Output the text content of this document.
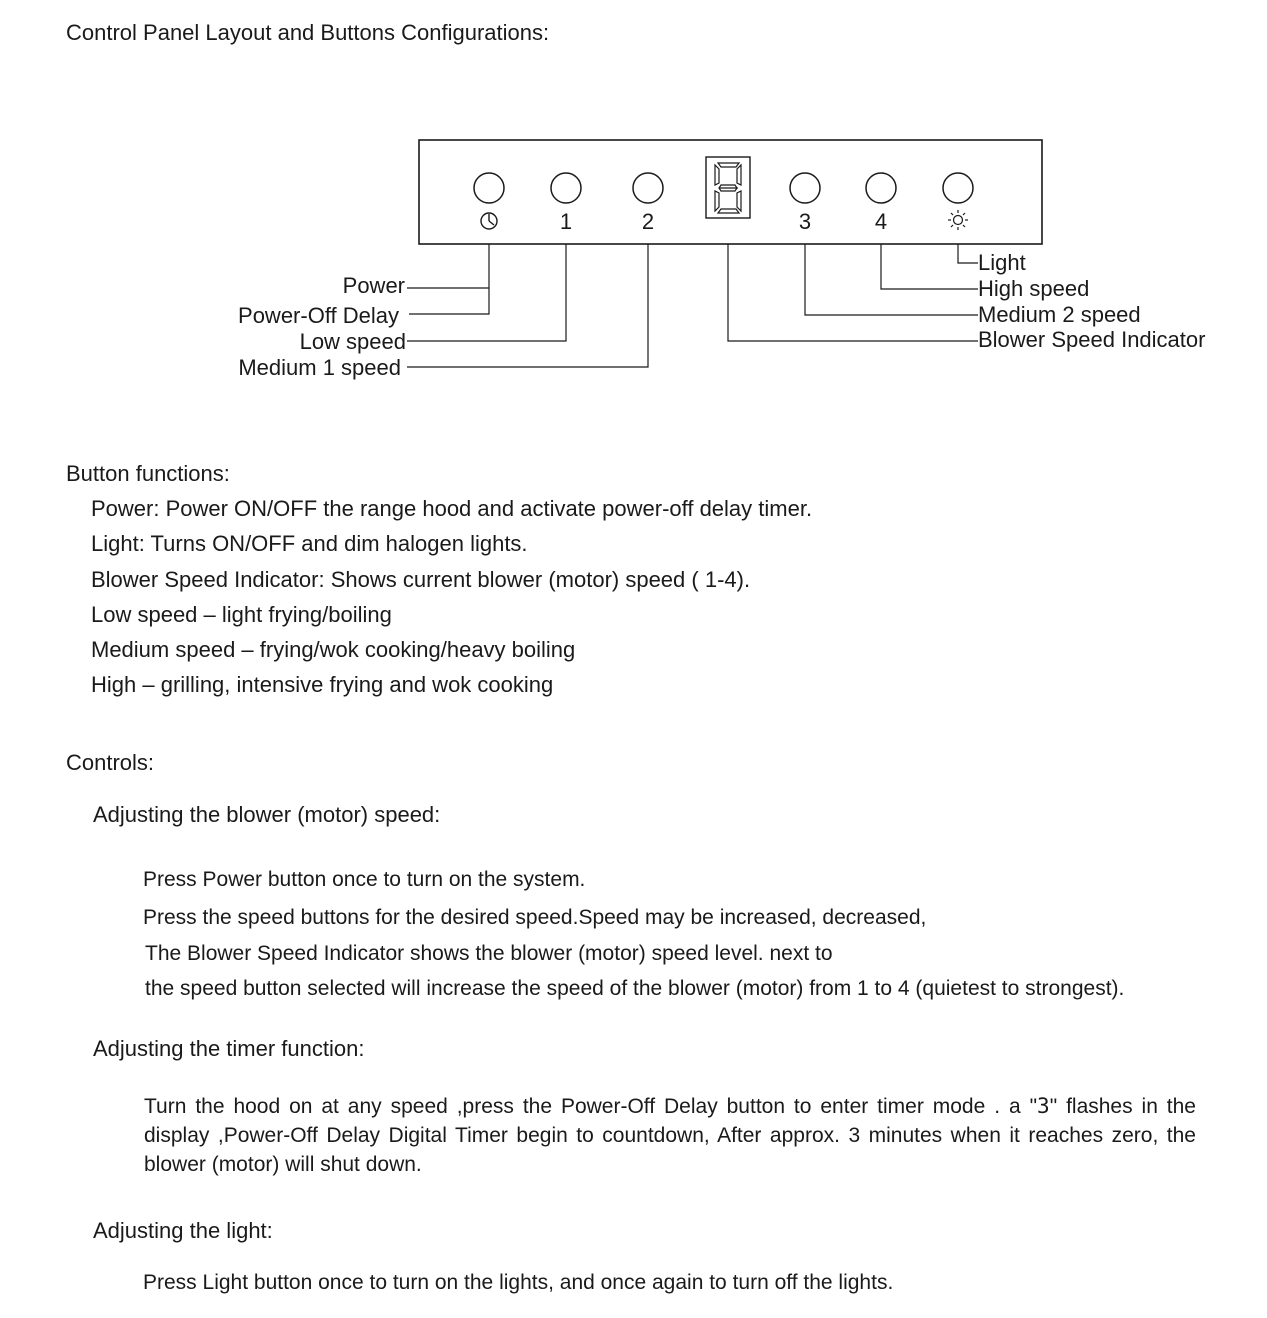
Control Panel Layout and Buttons Configurations:
1	2	3	4
Power
Power-Off Delay
Low speed
Medium 1 speed
Light
High speed
Medium 2 speed
Blower Speed Indicator
Button functions:
Power: Power ON/OFF the range hood and activate power-off delay timer.
Light: Turns ON/OFF and dim halogen lights.
Blower Speed Indicator: Shows current blower (motor) speed ( 1-4).
Low speed – light frying/boiling
Medium speed – frying/wok cooking/heavy boiling
High – grilling, intensive frying and wok cooking
Controls:
Adjusting the blower (motor) speed:
Press Power button once to turn on the system.
Press the speed buttons for the desired speed.Speed may be increased, decreased,
The Blower Speed Indicator shows the blower (motor) speed level. next to
the speed button selected will increase the speed of the blower (motor) from 1 to 4 (quietest to strongest).
Adjusting the timer function:
Turn the hood on at any speed ,press the Power-Off Delay button to enter timer mode . a "3" flashes in the display ,Power-Off Delay Digital Timer begin to countdown, After approx. 3 minutes when it reaches zero, the blower (motor) will shut down.
Adjusting the light:
Press Light button once to turn on the lights, and once again to turn off the lights.
